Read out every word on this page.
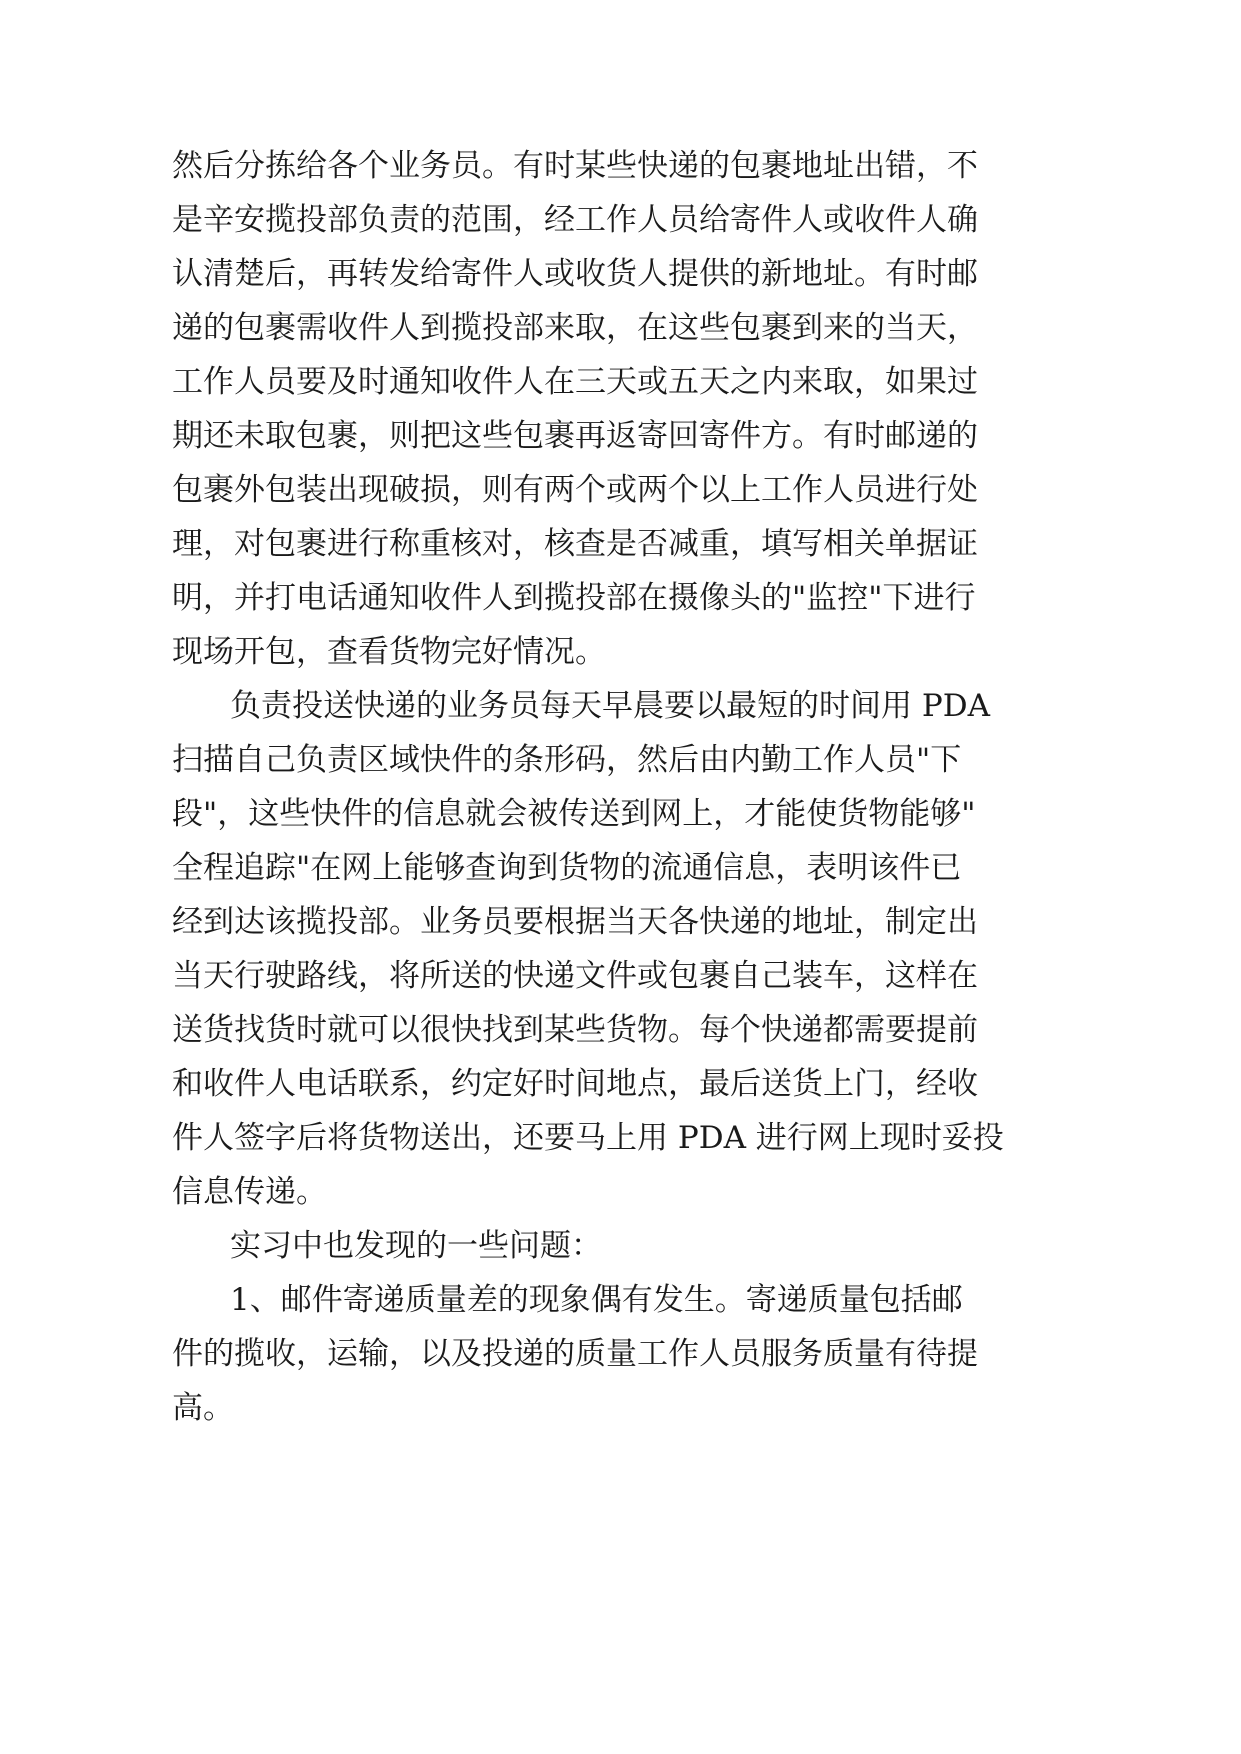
然后分拣给各个业务员。有时某些快递的包裹地址出错，不
是辛安揽投部负责的范围，经工作人员给寄件人或收件人确
认清楚后，再转发给寄件人或收货人提供的新地址。有时邮
递的包裹需收件人到揽投部来取，在这些包裹到来的当天，
工作人员要及时通知收件人在三天或五天之内来取，如果过
期还未取包裹，则把这些包裹再返寄回寄件方。有时邮递的
包裹外包装出现破损，则有两个或两个以上工作人员进行处
理，对包裹进行称重核对，核查是否减重，填写相关单据证
明，并打电话通知收件人到揽投部在摄像头的"监控"下进行
现场开包，查看货物完好情况。
负责投送快递的业务员每天早晨要以最短的时间用 PDA
扫描自己负责区域快件的条形码，然后由内勤工作人员"下
段"，这些快件的信息就会被传送到网上，才能使货物能够"
全程追踪"在网上能够查询到货物的流通信息，表明该件已
经到达该揽投部。业务员要根据当天各快递的地址，制定出
当天行驶路线，将所送的快递文件或包裹自己装车，这样在
送货找货时就可以很快找到某些货物。每个快递都需要提前
和收件人电话联系，约定好时间地点，最后送货上门，经收
件人签字后将货物送出，还要马上用 PDA 进行网上现时妥投
信息传递。
实习中也发现的一些问题：
1、邮件寄递质量差的现象偶有发生。寄递质量包括邮
件的揽收，运输，以及投递的质量工作人员服务质量有待提
高。
